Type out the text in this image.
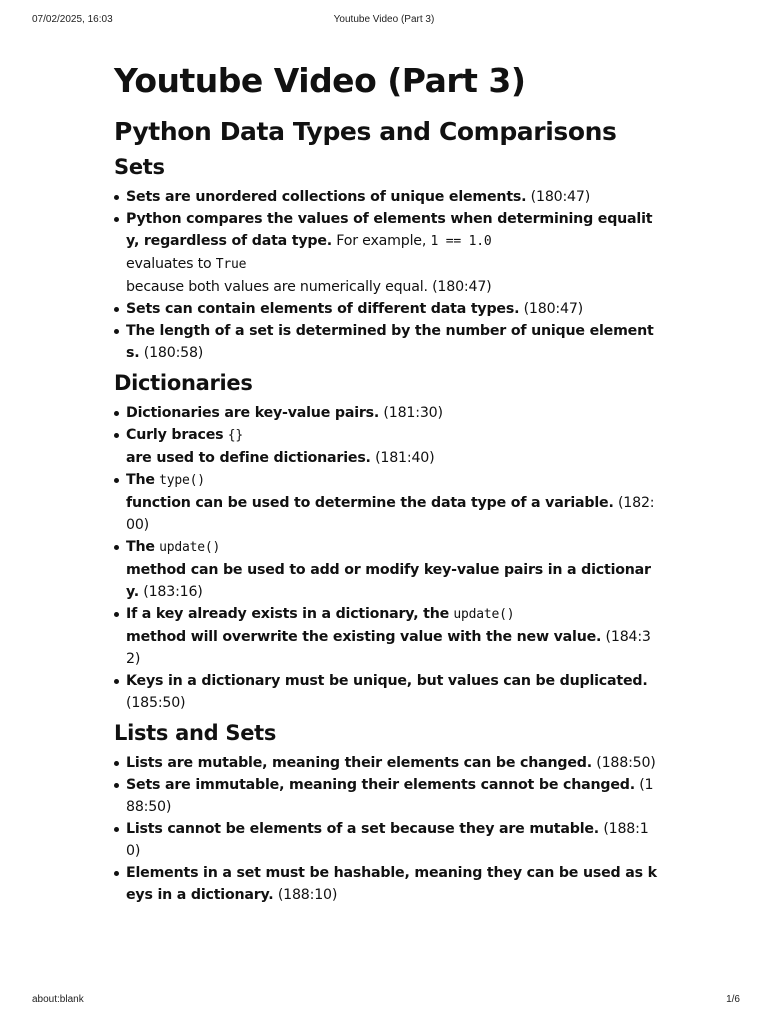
07/02/2025, 16:03	Youtube Video (Part 3)
Youtube Video (Part 3)
Python Data Types and Comparisons
Sets
Sets are unordered collections of unique elements. (180:47)
Python compares the values of elements when determining equality, regardless of data type. For example, 1 == 1.0
evaluates to True
because both values are numerically equal. (180:47)
Sets can contain elements of different data types. (180:47)
The length of a set is determined by the number of unique elements. (180:58)
Dictionaries
Dictionaries are key-value pairs. (181:30)
Curly braces {}
are used to define dictionaries. (181:40)
The type()
function can be used to determine the data type of a variable. (182:00)
The update()
method can be used to add or modify key-value pairs in a dictionary. (183:16)
If a key already exists in a dictionary, the update()
method will overwrite the existing value with the new value. (184:32)
Keys in a dictionary must be unique, but values can be duplicated. (185:50)
Lists and Sets
Lists are mutable, meaning their elements can be changed. (188:50)
Sets are immutable, meaning their elements cannot be changed. (188:50)
Lists cannot be elements of a set because they are mutable. (188:10)
Elements in a set must be hashable, meaning they can be used as keys in a dictionary. (188:10)
about:blank	1/6
